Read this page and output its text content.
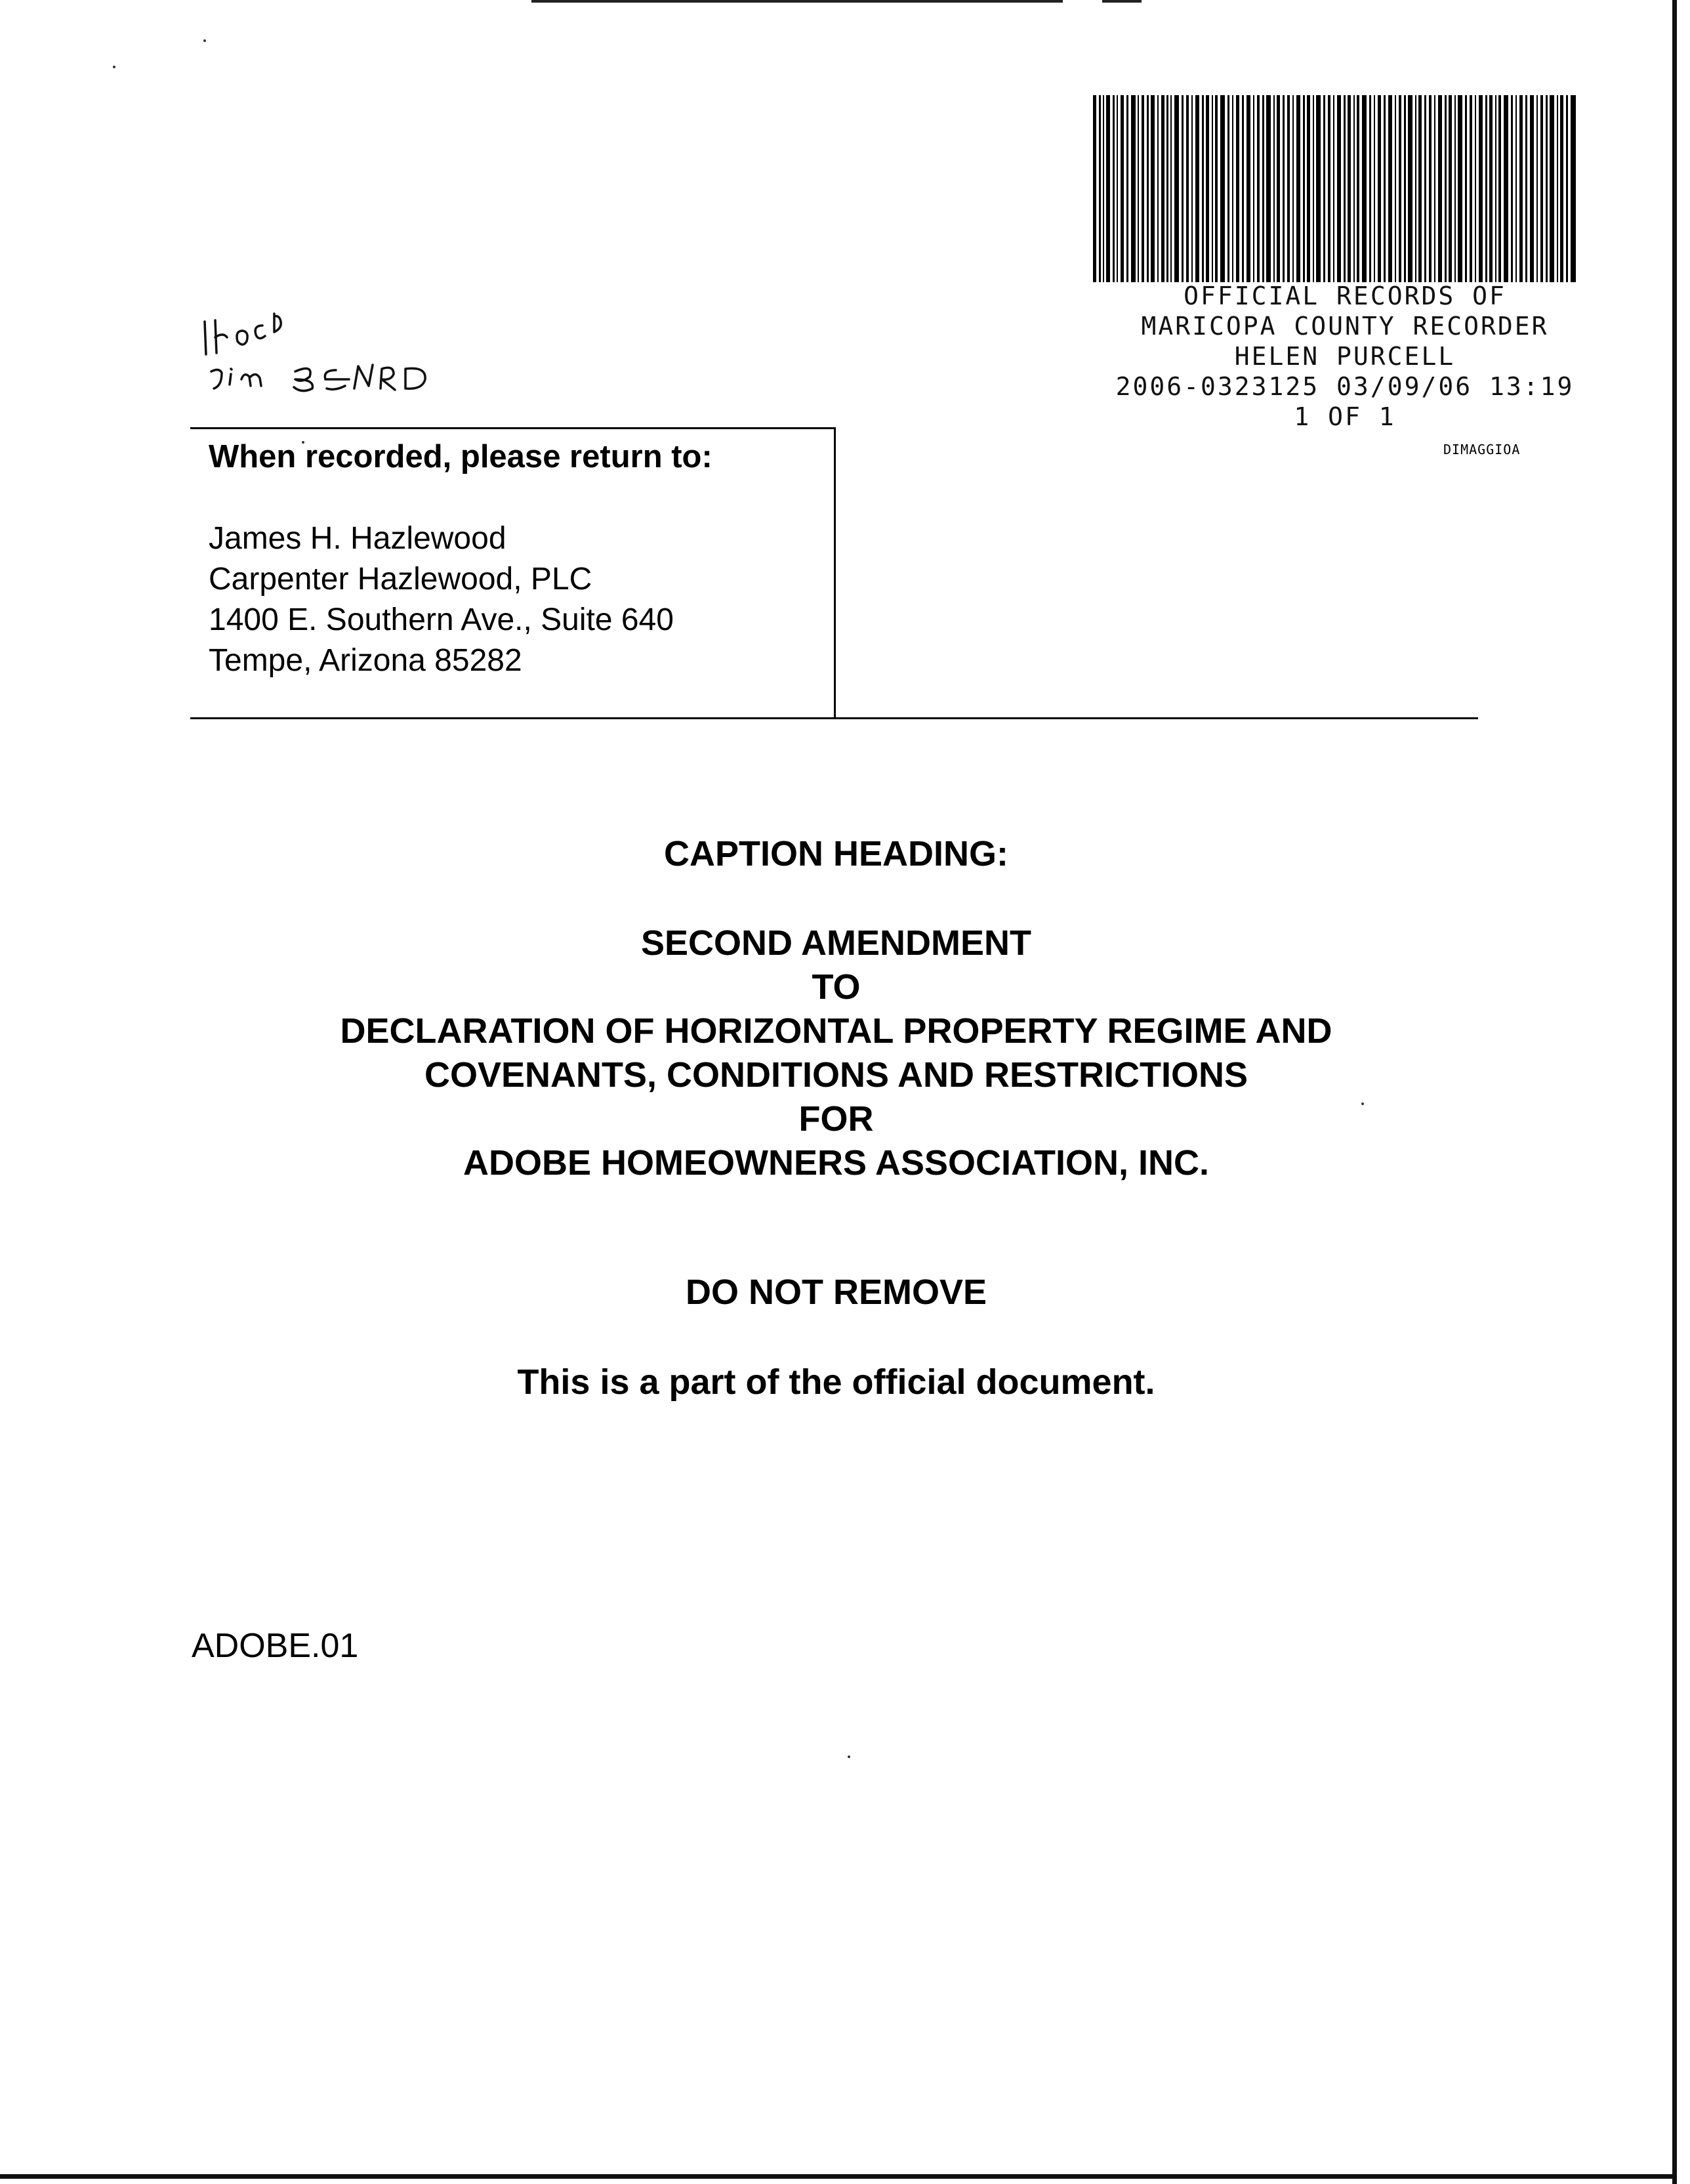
OFFICIAL RECORDS OF
MARICOPA COUNTY RECORDER
HELEN PURCELL
2006-0323125 03/09/06 13:19
1 OF 1
DIMAGGIOA
When recorded, please return to:
James H. Hazlewood
Carpenter Hazlewood, PLC
1400 E. Southern Ave., Suite 640
Tempe, Arizona 85282
CAPTION HEADING:
SECOND AMENDMENT
TO
DECLARATION OF HORIZONTAL PROPERTY REGIME AND
COVENANTS, CONDITIONS AND RESTRICTIONS
FOR
ADOBE HOMEOWNERS ASSOCIATION, INC.
DO NOT REMOVE
This is a part of the official document.
ADOBE.01
